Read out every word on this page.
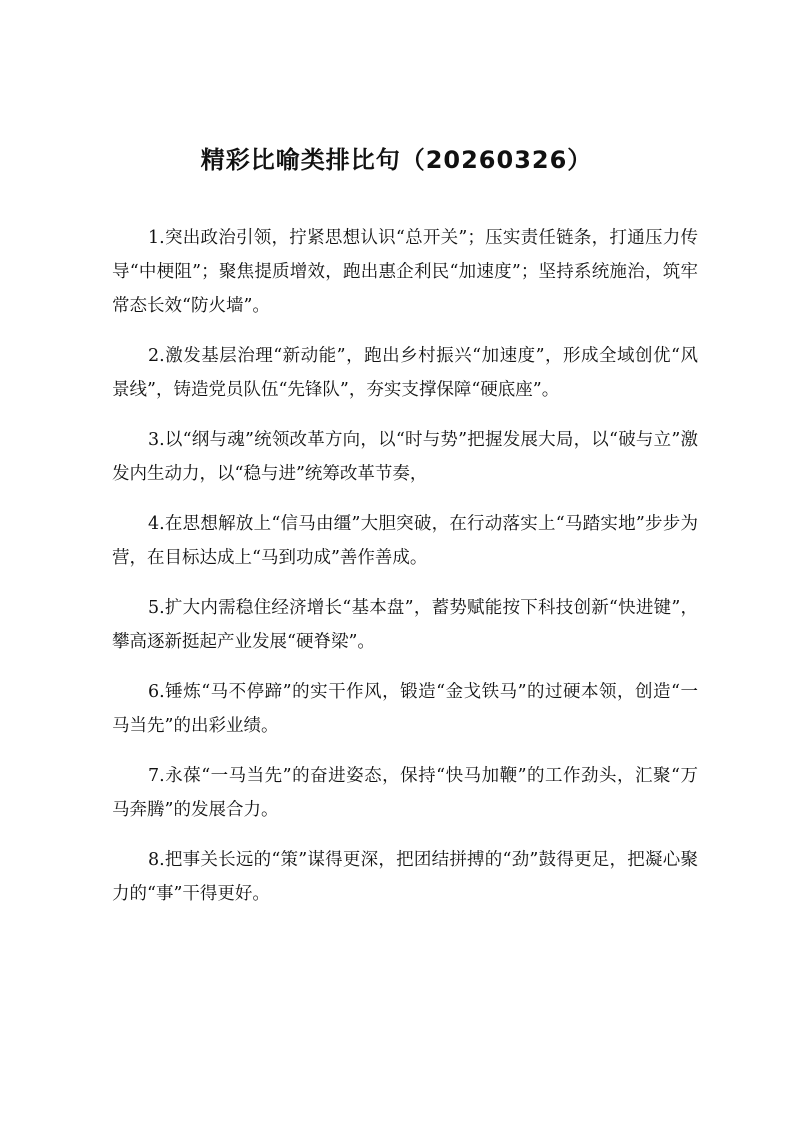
精彩比喻类排比句（20260326）

1.突出政治引领，拧紧思想认识“总开关”；压实责任链条，打通压力传导“中梗阻”；聚焦提质增效，跑出惠企利民“加速度”；坚持系统施治，筑牢常态长效“防火墙”。

2.激发基层治理“新动能”，跑出乡村振兴“加速度”，形成全域创优“风景线”，铸造党员队伍“先锋队”，夯实支撑保障“硬底座”。

3.以“纲与魂”统领改革方向，以“时与势”把握发展大局，以“破与立”激发内生动力，以“稳与进”统筹改革节奏，

4.在思想解放上“信马由缰”大胆突破，在行动落实上“马踏实地”步步为营，在目标达成上“马到功成”善作善成。

5.扩大内需稳住经济增长“基本盘”，蓄势赋能按下科技创新“快进键”，攀高逐新挺起产业发展“硬脊梁”。

6.锤炼“马不停蹄”的实干作风，锻造“金戈铁马”的过硬本领，创造“一马当先”的出彩业绩。

7.永葆“一马当先”的奋进姿态，保持“快马加鞭”的工作劲头，汇聚“万马奔腾”的发展合力。

8.把事关长远的“策”谋得更深，把团结拼搏的“劲”鼓得更足，把凝心聚力的“事”干得更好。
